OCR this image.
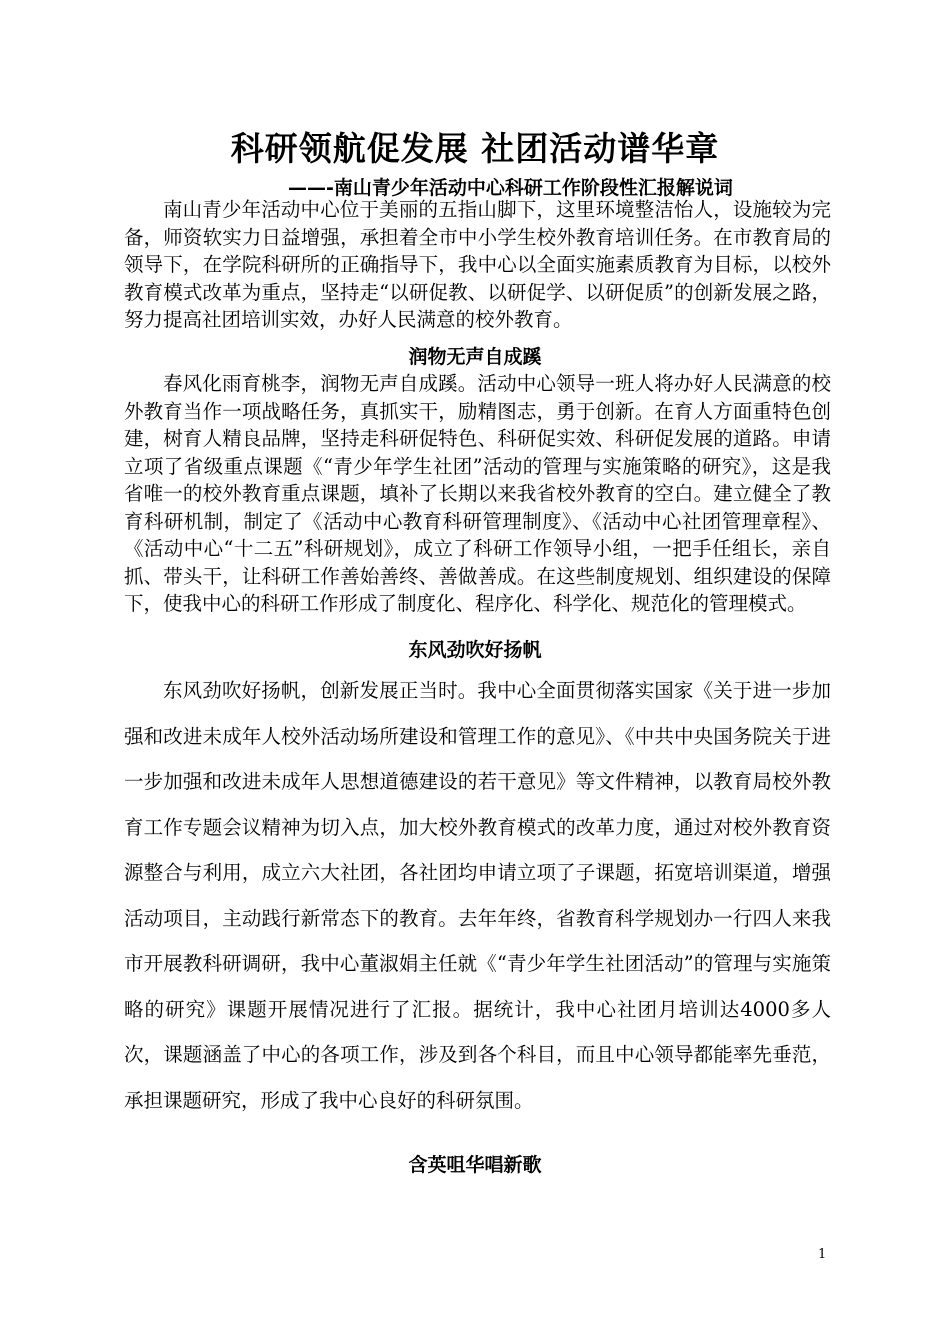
科研领航促发展 社团活动谱华章
——-南山青少年活动中心科研工作阶段性汇报解说词

南山青少年活动中心位于美丽的五指山脚下，这里环境整洁怡人，设施较为完备，师资软实力日益增强，承担着全市中小学生校外教育培训任务。在市教育局的领导下，在学院科研所的正确指导下，我中心以全面实施素质教育为目标，以校外教育模式改革为重点，坚持走“以研促教、以研促学、以研促质”的创新发展之路，努力提高社团培训实效，办好人民满意的校外教育。

润物无声自成蹊

春风化雨育桃李，润物无声自成蹊。活动中心领导一班人将办好人民满意的校外教育当作一项战略任务，真抓实干，励精图志，勇于创新。在育人方面重特色创建，树育人精良品牌，坚持走科研促特色、科研促实效、科研促发展的道路。申请立项了省级重点课题《“青少年学生社团”活动的管理与实施策略的研究》，这是我省唯一的校外教育重点课题，填补了长期以来我省校外教育的空白。建立健全了教育科研机制，制定了《活动中心教育科研管理制度》、《活动中心社团管理章程》、《活动中心“十二五”科研规划》，成立了科研工作领导小组，一把手任组长，亲自抓、带头干，让科研工作善始善终、善做善成。在这些制度规划、组织建设的保障下，使我中心的科研工作形成了制度化、程序化、科学化、规范化的管理模式。

东风劲吹好扬帆

东风劲吹好扬帆，创新发展正当时。我中心全面贯彻落实国家《关于进一步加强和改进未成年人校外活动场所建设和管理工作的意见》、《中共中央国务院关于进一步加强和改进未成年人思想道德建设的若干意见》等文件精神，以教育局校外教育工作专题会议精神为切入点，加大校外教育模式的改革力度，通过对校外教育资源整合与利用，成立六大社团，各社团均申请立项了子课题，拓宽培训渠道，增强活动项目，主动践行新常态下的教育。去年年终，省教育科学规划办一行四人来我市开展教科研调研，我中心董淑娟主任就《“青少年学生社团活动”的管理与实施策略的研究》课题开展情况进行了汇报。据统计，我中心社团月培训达4000多人次，课题涵盖了中心的各项工作，涉及到各个科目，而且中心领导都能率先垂范，承担课题研究，形成了我中心良好的科研氛围。

含英咀华唱新歌
1
